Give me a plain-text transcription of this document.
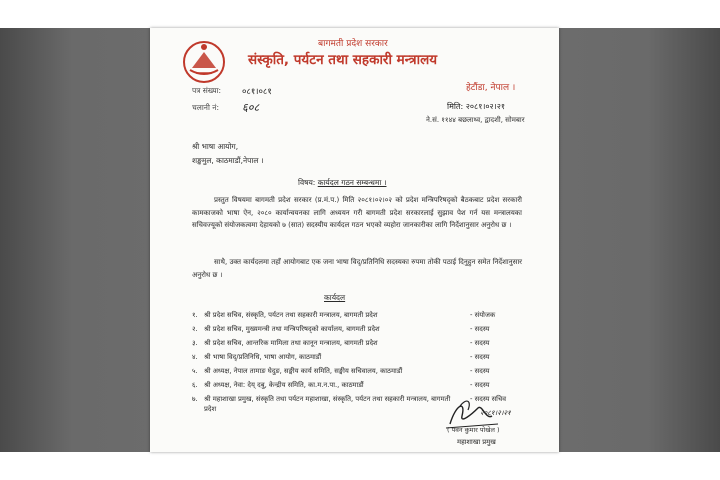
बागमती प्रदेश सरकार
संस्कृति, पर्यटन तथा सहकारी मन्त्रालय
हेटौंडा, नेपाल ।
पत्र संख्या: ०८१।०८१
चलानी नं: ६०८	मिति: २०८१।०२।२१
ने.सं. ११४४ बछलाथ्व, द्वादशी, सोमबार
श्री भाषा आयोग,
शङ्खमुल, काठमाडौं,नेपाल ।
विषय: कार्यदल गठन सम्बन्धमा ।
प्रस्तुत विषयमा बागमती प्रदेश सरकार (प्र.मं.प.) मिति २०८१।०२।०२ को प्रदेश मन्त्रिपरिषद्को बैठकबाट प्रदेश सरकारी कामकाजको भाषा ऐन, २०८० कार्यान्वयनका लागि अध्ययन गरी बागमती प्रदेश सरकारलाई सुझाव पेश गर्न यस मन्त्रालयका सचिवज्यूको संयोजकत्वमा देहायको ७ (सात) सदस्यीय कार्यदल गठन भएको व्यहोरा जानकारीका लागि निर्देशानुसार अनुरोध छ ।
साथै, उक्त कार्यदलमा तहाँ आयोगबाट एक जना भाषा विद्/प्रतिनिधि सदस्यका रुपमा तोकी पठाई दिनुहुन समेत निर्देशानुसार अनुरोध छ ।
कार्यदल
१. श्री प्रदेश सचिव, संस्कृति, पर्यटन तथा सहकारी मन्त्रालय, बागमती प्रदेश	- संयोजक
२. श्री प्रदेश सचिव, मुख्यमन्त्री तथा मन्त्रिपरिषद्को कार्यालय, बागमती प्रदेश	- सदस्य
३. श्री प्रदेश सचिव, आन्तरिक मामिला तथा कानून मन्त्रालय, बागमती प्रदेश	- सदस्य
४. श्री भाषा विद्/प्रतिनिधि, भाषा आयोग, काठमाडौं	- सदस्य
५. श्री अध्यक्ष, नेपाल तामाङ घेदुङ, सङ्घीय कार्य समिति, सङ्घीय सचिवालय, काठमाडौं	- सदस्य
६. श्री अध्यक्ष, नेवा: देय् दबु, केन्द्रीय समिति, का.म.न.पा., काठमाडौं	- सदस्य
७. श्री महाशाखा प्रमुख, संस्कृति तथा पर्यटन महाशाखा, संस्कृति, पर्यटन तथा सहकारी मन्त्रालय, बागमती प्रदेश
- सदस्य सचिव
२०८१।२।२१
( पवन कुमार पोखेल )
महाशाखा प्रमुख
